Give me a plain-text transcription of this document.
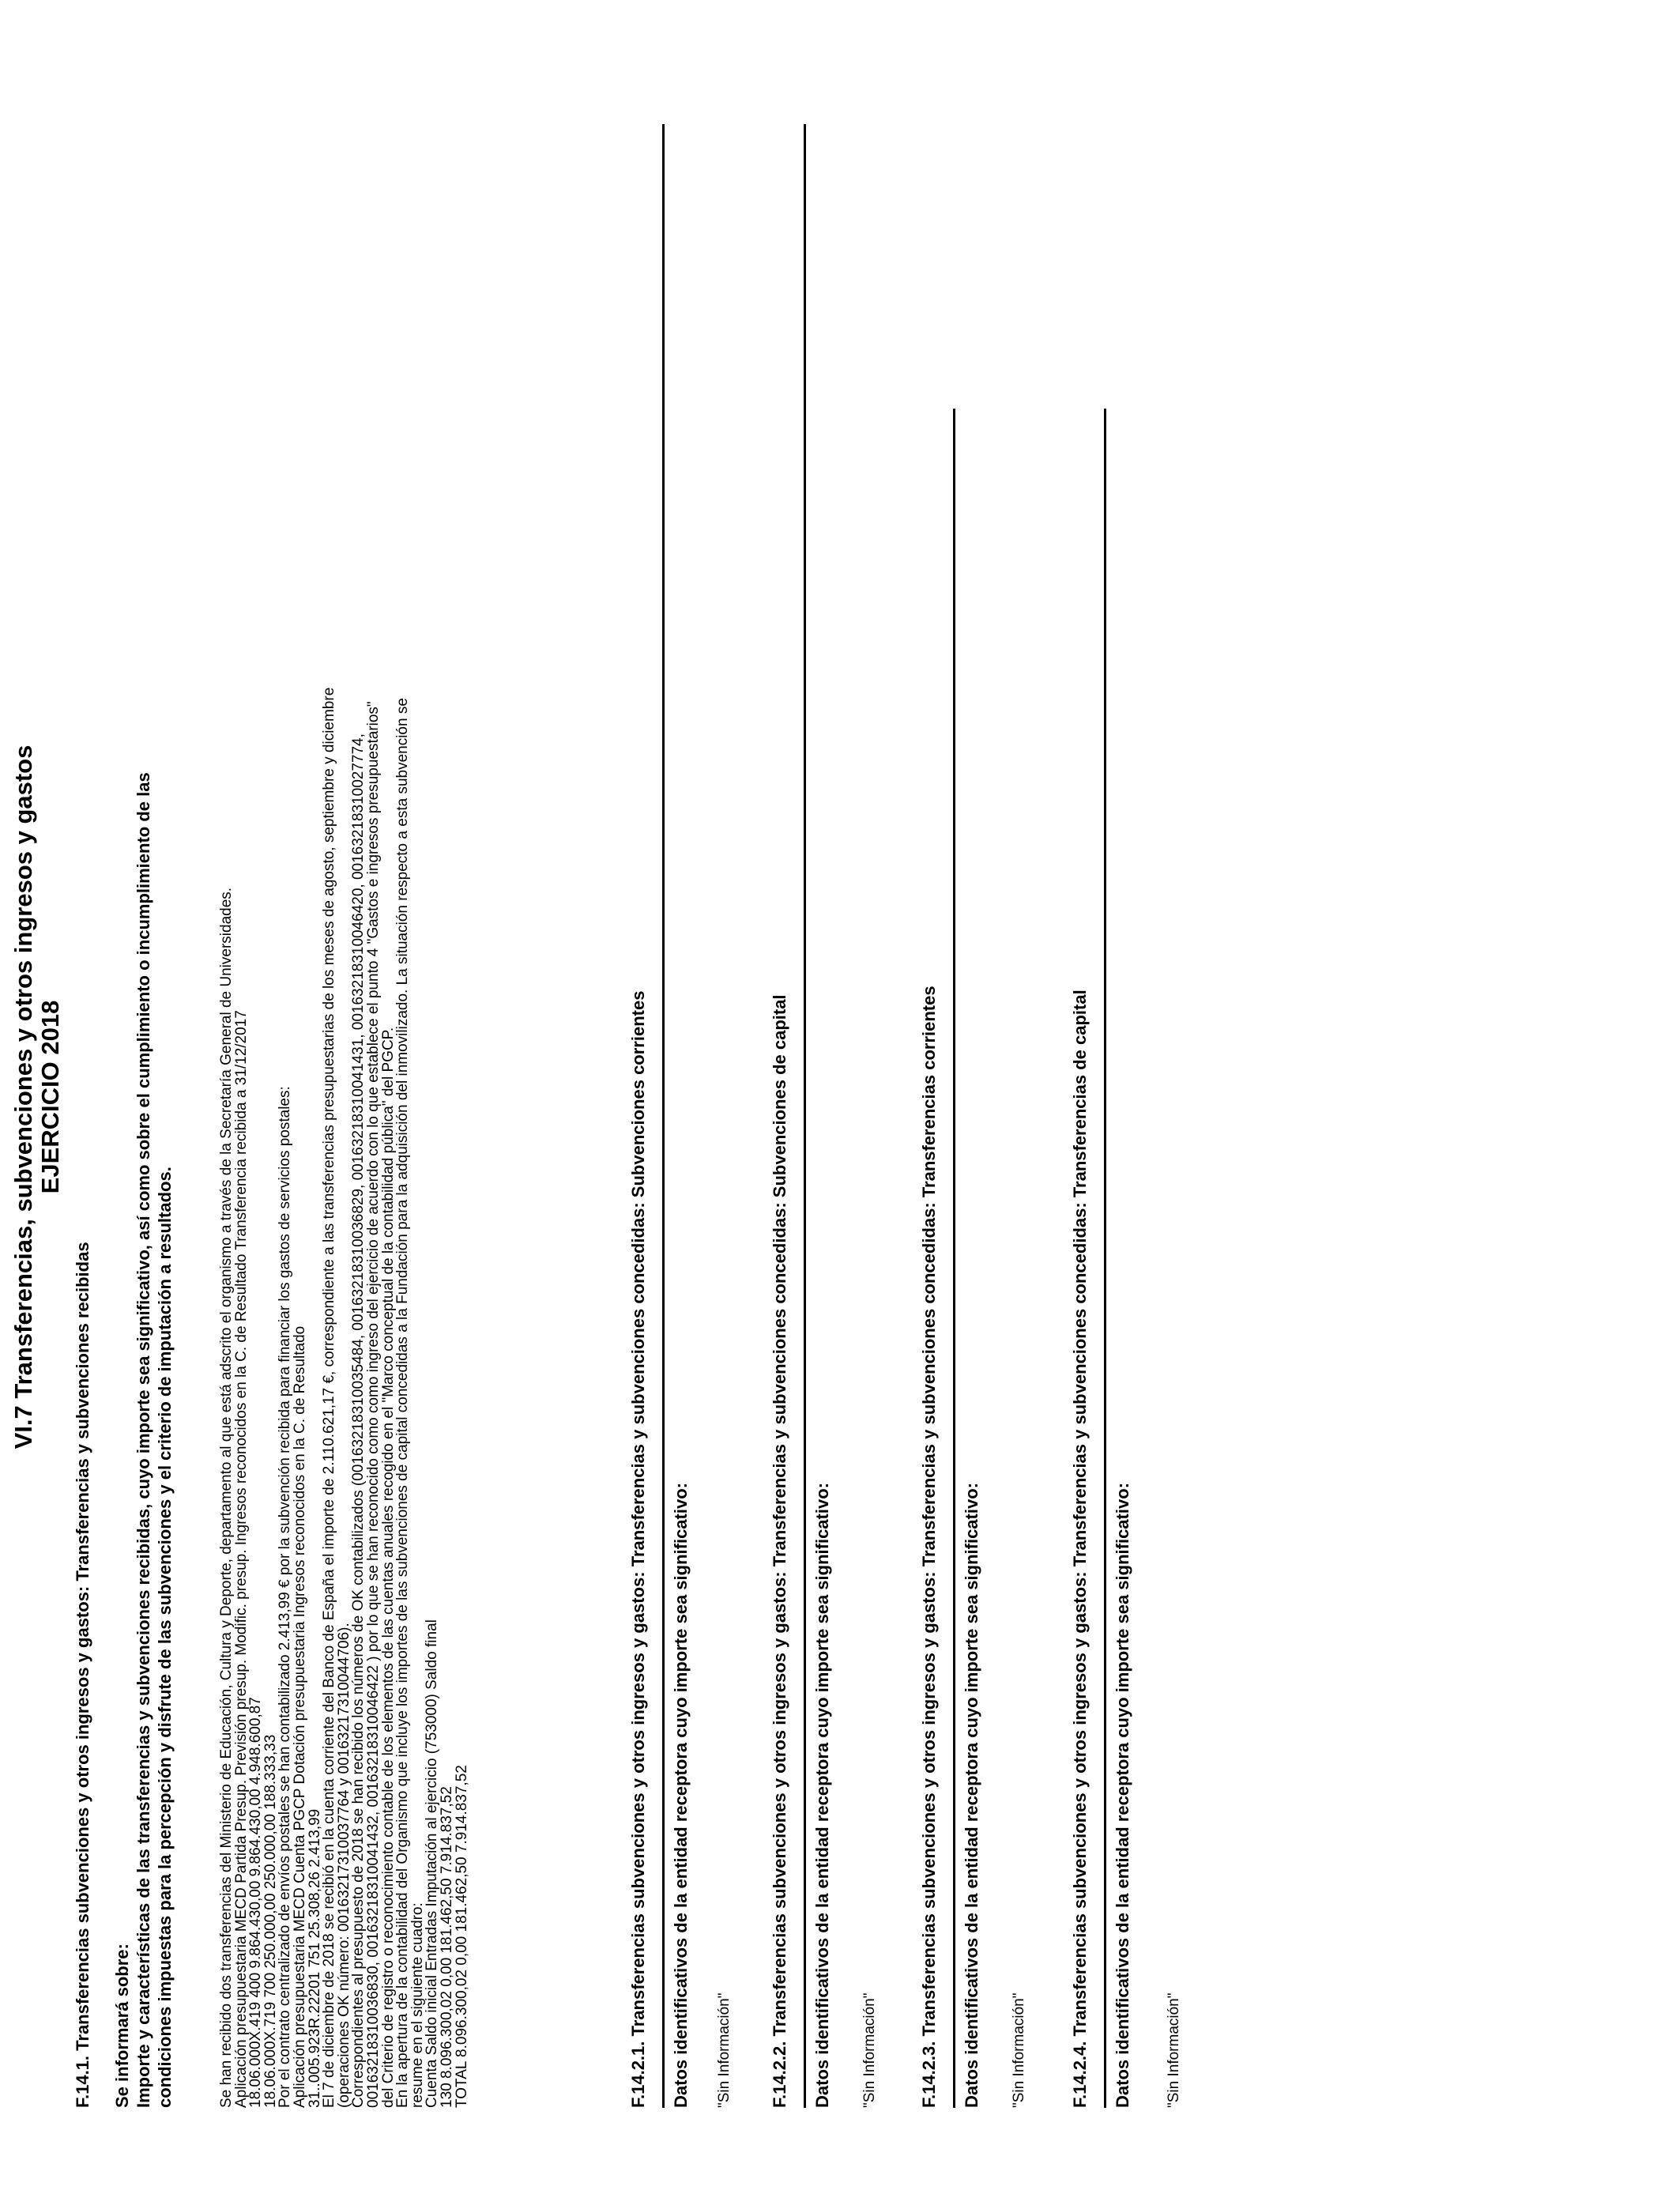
VI.7 Transferencias, subvenciones y otros ingresos y gastos EJERCICIO 2018
F.14.1. Transferencias subvenciones y otros ingresos y gastos: Transferencias y subvenciones recibidas Se informará sobre: Importe y características de las transferencias y subvenciones recibidas, cuyo importe sea significativo, así como sobre el cumplimiento o incumplimiento de las condiciones impuestas para la percepción y disfrute de las subvenciones y el criterio de imputación a resultados.	Se han recibido dos transferencias del Ministerio de Educación, Cultura y Deporte, departamento al que está adscrito el organismo a través de la Secretaría General de Universidades.
Aplicación presupuestaria MECD Partida Presup. Previsión presup. Modific. presup. Ingresos reconocidos en la C. de Resultado Transferencia recibida a 31/12/2017
18.06.000X.419 400 9.864.430,00 9.864.430,00 4.948.600,87
18.06.000X.719 700 250.000,00 250.000,00 188.333,33
Por el contrato centralizado de envíos postales se han contabilizado 2.413,99 € por la subvención recibida para financiar los gastos de servicios postales:
Aplicación presupuestaria MECD Cuenta PGCP Dotación presupuestaria Ingresos reconocidos en la C. de Resultado
31..005.923R.22201 751 25.308,26 2.413,99
El 7 de diciembre de 2018 se recibió en la cuenta corriente del Banco de España el importe de 2.110.621,17 €, correspondiente a las transferencias presupuestarias de los meses de agosto, septiembre y diciembre
(operaciones OK número: 00163217310037764 y 00163217310044706).
Correspondientes al presupuesto de 2018 se han recibido los números de OK contabilizados (00163218310035484, 00163218310036829, 00163218310041431, 00163218310046420, 00163218310027774,
00163218310036830, 00163218310041432, 00163218310046422 ) por lo que se han reconocido como como ingreso del ejercicio de acuerdo con lo que establece el punto 4 "Gastos e ingresos presupuestarios"
del Criterio de registro o reconocimiento contable de los elementos de las cuentas anuales recogido en el "Marco conceptual de la contabilidad pública" del PGCP.
En la apertura de la contabilidad del Organismo que incluye los importes de las subvenciones de capital concedidas a la Fundación para la adquisición del inmovilizado. La situación respecto a esta subvención se
resume en el siguiente cuadro:
Cuenta Saldo inicial Entradas Imputación al ejercicio (753000) Saldo final
130 8.096.300,02 0,00 181.462,50 7.914.837,52
TOTAL 8.096.300,02 0,00 181.462,50 7.914.837,52	F.14.2.1. Transferencias subvenciones y otros ingresos y gastos: Transferencias y subvenciones concedidas: Subvenciones corrientes Datos identificativos de la entidad receptora cuyo importe sea significativo: "Sin Información" F.14.2.2. Transferencias subvenciones y otros ingresos y gastos: Transferencias y subvenciones concedidas: Subvenciones de capital Datos identificativos de la entidad receptora cuyo importe sea significativo: "Sin Información" F.14.2.3. Transferencias subvenciones y otros ingresos y gastos: Transferencias y subvenciones concedidas: Transferencias corrientes Datos identificativos de la entidad receptora cuyo importe sea significativo: "Sin Información" F.14.2.4. Transferencias subvenciones y otros ingresos y gastos: Transferencias y subvenciones concedidas: Transferencias de capital Datos identificativos de la entidad receptora cuyo importe sea significativo: "Sin Información"
